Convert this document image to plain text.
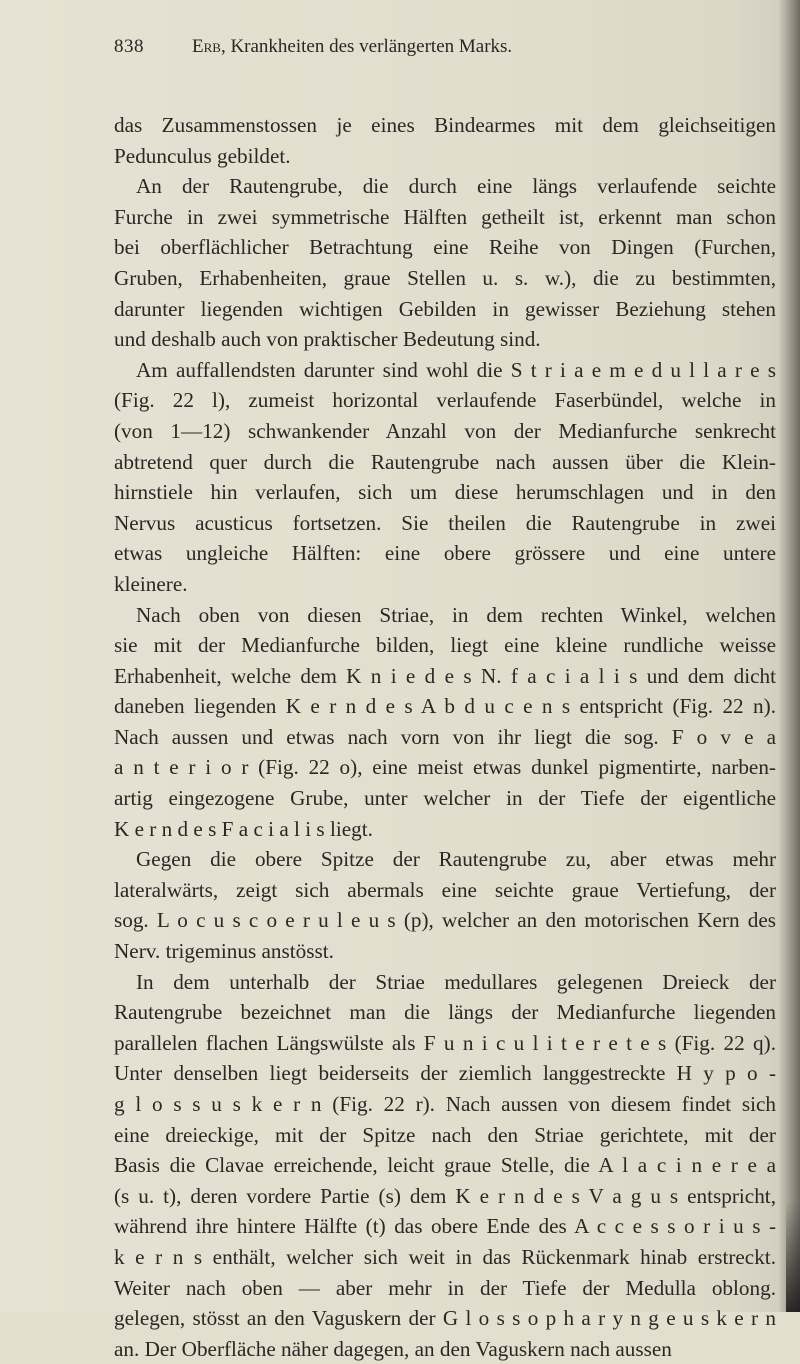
838	Erb, Krankheiten des verlängerten Marks.
das Zusammenstossen je eines Bindearmes mit dem gleichseitigen
Pedunculus gebildet.
An der Rautengrube, die durch eine längs verlaufende seichte
Furche in zwei symmetrische Hälften getheilt ist, erkennt man schon
bei oberflächlicher Betrachtung eine Reihe von Dingen (Furchen,
Gruben, Erhabenheiten, graue Stellen u. s. w.), die zu bestimmten,
darunter liegenden wichtigen Gebilden in gewisser Beziehung stehen
und deshalb auch von praktischer Bedeutung sind.
Am auffallendsten darunter sind wohl die S t r i a e m e d u l l a r e s
(Fig. 22 l), zumeist horizontal verlaufende Faserbündel, welche in
(von 1—12) schwankender Anzahl von der Medianfurche senkrecht
abtretend quer durch die Rautengrube nach aussen über die Klein-
hirnstiele hin verlaufen, sich um diese herumschlagen und in den
Nervus acusticus fortsetzen. Sie theilen die Rautengrube in zwei
etwas ungleiche Hälften: eine obere grössere und eine untere
kleinere.
Nach oben von diesen Striae, in dem rechten Winkel, welchen
sie mit der Medianfurche bilden, liegt eine kleine rundliche weisse
Erhabenheit, welche dem K n i e d e s N. f a c i a l i s und dem dicht
daneben liegenden K e r n d e s A b d u c e n s entspricht (Fig. 22 n).
Nach aussen und etwas nach vorn von ihr liegt die sog. F o v e a
a n t e r i o r (Fig. 22 o), eine meist etwas dunkel pigmentirte, narben-
artig eingezogene Grube, unter welcher in der Tiefe der eigentliche
K e r n d e s F a c i a l i s liegt.
Gegen die obere Spitze der Rautengrube zu, aber etwas mehr
lateralwärts, zeigt sich abermals eine seichte graue Vertiefung, der
sog. L o c u s c o e r u l e u s (p), welcher an den motorischen Kern des
Nerv. trigeminus anstösst.
In dem unterhalb der Striae medullares gelegenen Dreieck der
Rautengrube bezeichnet man die längs der Medianfurche liegenden
parallelen flachen Längswülste als F u n i c u l i t e r e t e s (Fig. 22 q).
Unter denselben liegt beiderseits der ziemlich langgestreckte H y p o -
g l o s s u s k e r n (Fig. 22 r). Nach aussen von diesem findet sich
eine dreieckige, mit der Spitze nach den Striae gerichtete, mit der
Basis die Clavae erreichende, leicht graue Stelle, die A l a c i n e r e a
(s u. t), deren vordere Partie (s) dem K e r n d e s V a g u s entspricht,
während ihre hintere Hälfte (t) das obere Ende des A c c e s s o r i u s -
k e r n s enthält, welcher sich weit in das Rückenmark hinab erstreckt.
Weiter nach oben — aber mehr in der Tiefe der Medulla oblong.
gelegen, stösst an den Vaguskern der G l o s s o p h a r y n g e u s k e r n
an. Der Oberfläche näher dagegen, an den Vaguskern nach aussen
